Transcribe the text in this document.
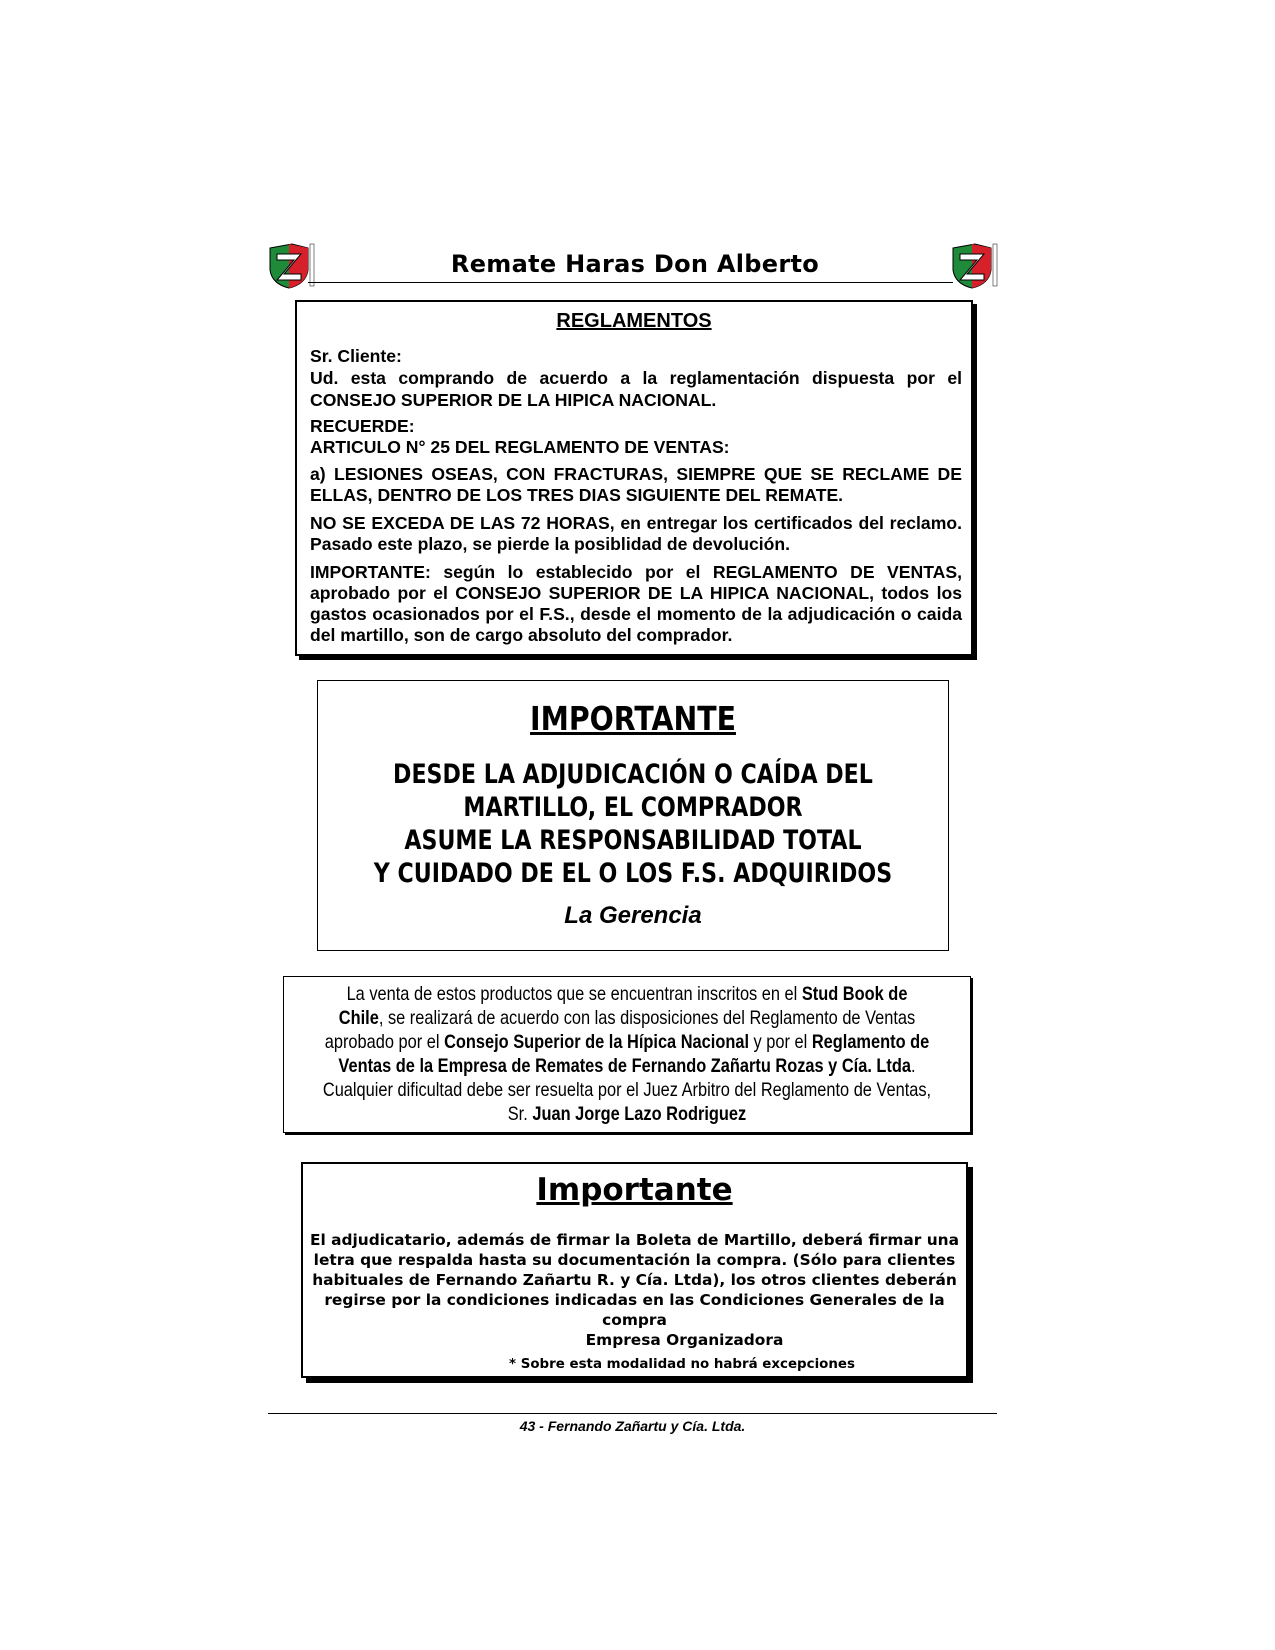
Remate Haras Don Alberto
REGLAMENTOS
Sr. Cliente:
Ud. esta comprando de acuerdo a la reglamentación dispuesta por el
CONSEJO SUPERIOR DE LA HIPICA NACIONAL.
RECUERDE:
ARTICULO N° 25 DEL REGLAMENTO DE VENTAS:
a) LESIONES OSEAS, CON FRACTURAS, SIEMPRE QUE SE RECLAME DE ELLAS, DENTRO DE LOS TRES DIAS SIGUIENTE DEL REMATE.
NO SE EXCEDA DE LAS 72 HORAS, en entregar los certificados del reclamo. Pasado este plazo, se pierde la posiblidad de devolución.
IMPORTANTE: según lo establecido por el REGLAMENTO DE VENTAS, aprobado por el CONSEJO SUPERIOR DE LA HIPICA NACIONAL, todos los gastos ocasionados por el F.S., desde el momento de la adjudicación o caida del martillo, son de cargo absoluto del comprador.
IMPORTANTE
DESDE LA ADJUDICACIÓN O CAÍDA DEL
MARTILLO, EL COMPRADOR
ASUME LA RESPONSABILIDAD TOTAL
Y CUIDADO DE EL O LOS F.S. ADQUIRIDOS
La Gerencia
La venta de estos productos que se encuentran inscritos en el Stud Book de Chile, se realizará de acuerdo con las disposiciones del Reglamento de Ventas aprobado por el Consejo Superior de la Hípica Nacional y por el Reglamento de Ventas de la Empresa de Remates de Fernando Zañartu Rozas y Cía. Ltda. Cualquier dificultad debe ser resuelta por el Juez Arbitro del Reglamento de Ventas,
Sr. Juan Jorge Lazo Rodriguez
Importante
El adjudicatario, además de firmar la Boleta de Martillo, deberá firmar una letra que respalda hasta su documentación la compra. (Sólo para clientes habituales de Fernando Zañartu R. y Cía. Ltda), los otros clientes deberán regirse por la condiciones indicadas en las Condiciones Generales de la compra
Empresa Organizadora
* Sobre esta modalidad no habrá excepciones
43 - Fernando Zañartu y Cía. Ltda.
